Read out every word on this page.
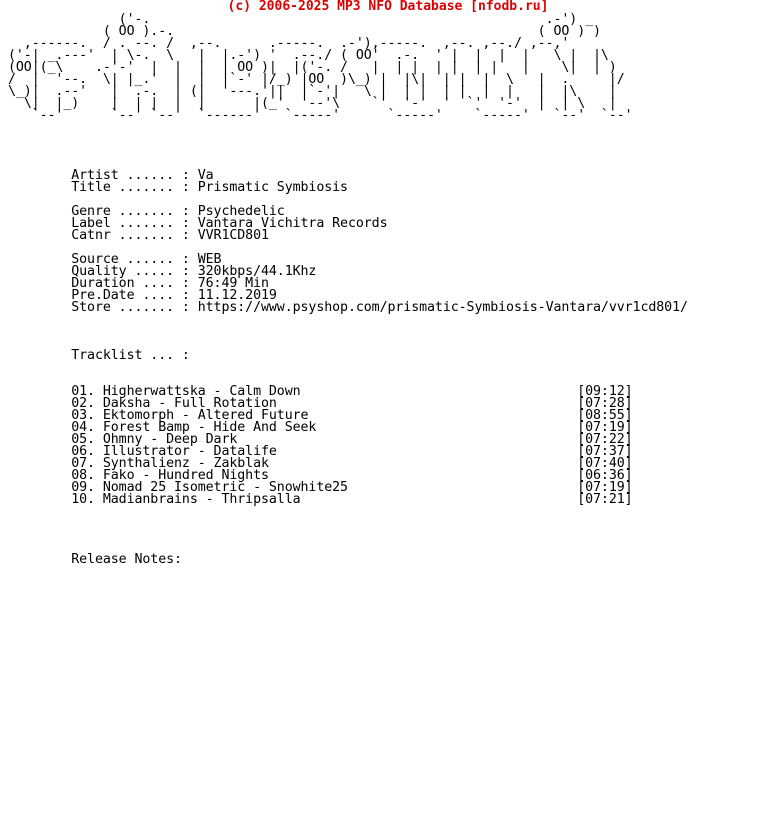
(c) 2006-2025 MP3 NFO Database [nfodb.ru]
('-.                                                  .-') _
( OO ).-.                                              ( OO ) )
,------.  / . --. /  ,--.      .-----.  .-'),-----.  ,--. ,--./ ,--,'
('-| _.---'  | \-.  \   |  |.-') '  .--./ ( OO'  .-.  ' |  |  |  |   \ |  |\
(OO|(_\    .-'-'  |  |  |  | OO )|  |('-. /   |  | |  | |  | |   |    \|  | )
/  |  '--.  \| |_.'  |  |  |`-' |/_) |OO  )\_) |  |\|  | |  |  \   |  .     |/
\_)|  .--'   |  .-.  | (|  '---.'||  |`-'|   \ |  | |  | |  |  |   |  |\    |
\|  |_)    |  | |  |  |      |(_'  '--'\    `'  '-'  '  `'  '-'  |  | \   |
`--'      `--' `--'  `------'   `-----'      `-----'    `-----'   `--'  `--'

Artist ...... : Va
Title ....... : Prismatic Symbiosis
Genre ....... : Psychedelic
Label ....... : Vantara Vichitra Records
Catnr ....... : VVR1CD801
Source ...... : WEB
Quality ..... : 320kbps/44.1Khz
Duration .... : 76:49 Min
Pre.Date .... : 11.12.2019
Store ....... : https://www.psyshop.com/prismatic-Symbiosis-Vantara/vvr1cd801/
Tracklist ... :
01. Higherwattska - Calm Down	[09:12]
02. Daksha - Full Rotation	[07:28]
03. Ektomorph - Altered Future	[08:55]
04. Forest Bamp - Hide And Seek	[07:19]
05. Ohmny - Deep Dark	[07:22]
06. Illustrator - Datalife	[07:37]
07. Synthalienz - Zakblak	[07:40]
08. Fako - Hundred Nights	[06:36]
09. Nomad 25 Isometric - Snowhite25	[07:19]
10. Madianbrains - Thripsalla	[07:21]
Release Notes:
